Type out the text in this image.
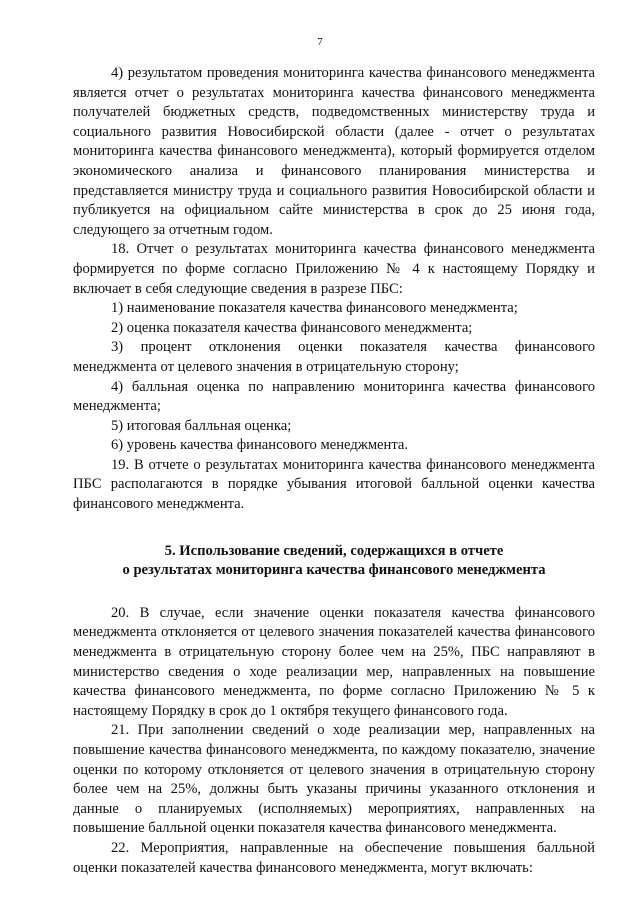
7

4) результатом проведения мониторинга качества финансового менеджмента является отчет о результатах мониторинга качества финансового менеджмента получателей бюджетных средств, подведомственных министерству труда и социального развития Новосибирской области (далее - отчет о результатах мониторинга качества финансового менеджмента), который формируется отделом экономического анализа и финансового планирования министерства и представляется министру труда и социального развития Новосибирской области и публикуется на официальном сайте министерства в срок до 25 июня года, следующего за отчетным годом.

18. Отчет о результатах мониторинга качества финансового менеджмента формируется по форме согласно Приложению № 4 к настоящему Порядку и включает в себя следующие сведения в разрезе ПБС:

1) наименование показателя качества финансового менеджмента;

2) оценка показателя качества финансового менеджмента;

3) процент отклонения оценки показателя качества финансового менеджмента от целевого значения в отрицательную сторону;

4) балльная оценка по направлению мониторинга качества финансового менеджмента;

5) итоговая балльная оценка;

6) уровень качества финансового менеджмента.

19. В отчете о результатах мониторинга качества финансового менеджмента ПБС располагаются в порядке убывания итоговой балльной оценки качества финансового менеджмента.

5. Использование сведений, содержащихся в отчете
о результатах мониторинга качества финансового менеджмента

20. В случае, если значение оценки показателя качества финансового менеджмента отклоняется от целевого значения показателей качества финансового менеджмента в отрицательную сторону более чем на 25%, ПБС направляют в министерство сведения о ходе реализации мер, направленных на повышение качества финансового менеджмента, по форме согласно Приложению № 5 к настоящему Порядку в срок до 1 октября текущего финансового года.

21. При заполнении сведений о ходе реализации мер, направленных на повышение качества финансового менеджмента, по каждому показателю, значение оценки по которому отклоняется от целевого значения в отрицательную сторону более чем на 25%, должны быть указаны причины указанного отклонения и данные о планируемых (исполняемых) мероприятиях, направленных на повышение балльной оценки показателя качества финансового менеджмента.

22. Мероприятия, направленные на обеспечение повышения балльной оценки показателей качества финансового менеджмента, могут включать:
